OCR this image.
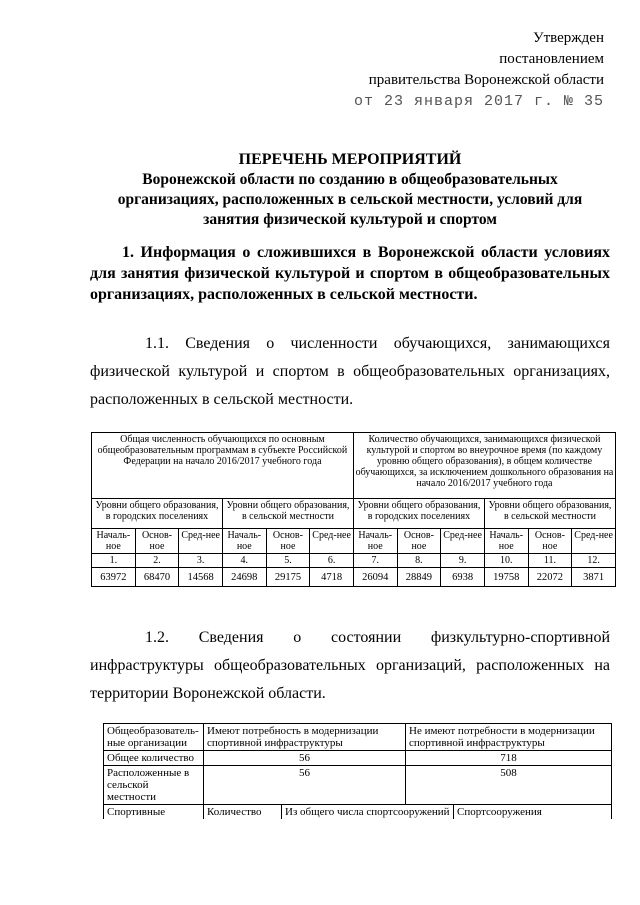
Утвержден
постановлением
правительства Воронежской области
от 23 января 2017 г. № 35
ПЕРЕЧЕНЬ МЕРОПРИЯТИЙ
Воронежской области по созданию в общеобразовательных организациях, расположенных в сельской местности, условий для занятия физической культурой и спортом
1. Информация о сложившихся в Воронежской области условиях для занятия физической культурой и спортом в общеобразовательных организациях, расположенных в сельской местности.
1.1. Сведения о численности обучающихся, занимающихся физической культурой и спортом в общеобразовательных организациях, расположенных в сельской местности.
Общая численность обучающихся по основным общеобразовательным программам в субъекте Российской Федерации на начало 2016/2017 учебного года						Количество обучающихся, занимающихся физической культурой и спортом во внеурочное время (по каждому уровню общего образования), в общем количестве обучающихся, за исключением дошкольного образования на начало 2016/2017 учебного года					
Уровни общего образования, в городских поселениях			Уровни общего образования, в сельской местности			Уровни общего образования, в городских поселениях			Уровни общего образования, в сельской местности		
Началь-ное	Основ-ное	Сред-нее	Началь-ное	Основ-ное	Сред-нее	Началь-ное	Основ-ное	Сред-нее	Началь-ное	Основ-ное	Сред-нее
1.	2.	3.	4.	5.	6.	7.	8.	9.	10.	11.	12.
63972	68470	14568	24698	29175	4718	26094	28849	6938	19758	22072	3871
1.2. Сведения о состоянии физкультурно-спортивной инфраструктуры общеобразовательных организаций, расположенных на территории Воронежской области.
Общеобразователь-ные организации	Имеют потребность в модернизации спортивной инфраструктуры		Не имеют потребности в модернизации спортивной инфраструктуры	
Общее количество	56		718	
Расположенные в сельской местности	56		508	
Спортивные	Количество	Из общего числа спортсооружений		Спортсооружения
